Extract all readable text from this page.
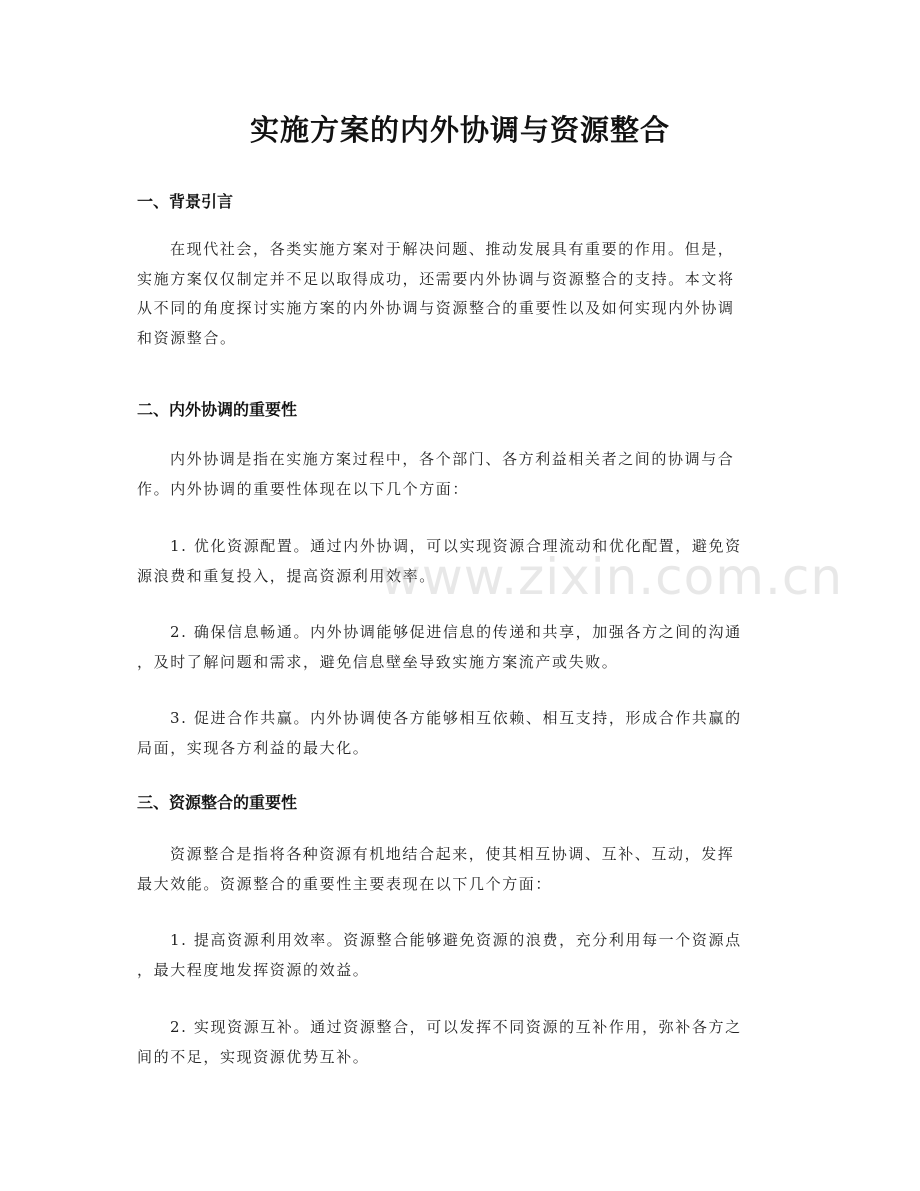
实施方案的内外协调与资源整合
一、背景引言
在现代社会，各类实施方案对于解决问题、推动发展具有重要的作用。但是，
实施方案仅仅制定并不足以取得成功，还需要内外协调与资源整合的支持。本文将
从不同的角度探讨实施方案的内外协调与资源整合的重要性以及如何实现内外协调
和资源整合。
二、内外协调的重要性
内外协调是指在实施方案过程中，各个部门、各方利益相关者之间的协调与合
作。内外协调的重要性体现在以下几个方面：
1. 优化资源配置。通过内外协调，可以实现资源合理流动和优化配置，避免资
源浪费和重复投入，提高资源利用效率。
2. 确保信息畅通。内外协调能够促进信息的传递和共享，加强各方之间的沟通
，及时了解问题和需求，避免信息壁垒导致实施方案流产或失败。
3. 促进合作共赢。内外协调使各方能够相互依赖、相互支持，形成合作共赢的
局面，实现各方利益的最大化。
三、资源整合的重要性
资源整合是指将各种资源有机地结合起来，使其相互协调、互补、互动，发挥
最大效能。资源整合的重要性主要表现在以下几个方面：
1. 提高资源利用效率。资源整合能够避免资源的浪费，充分利用每一个资源点
，最大程度地发挥资源的效益。
2. 实现资源互补。通过资源整合，可以发挥不同资源的互补作用，弥补各方之
间的不足，实现资源优势互补。
www.zixin.com.cn
